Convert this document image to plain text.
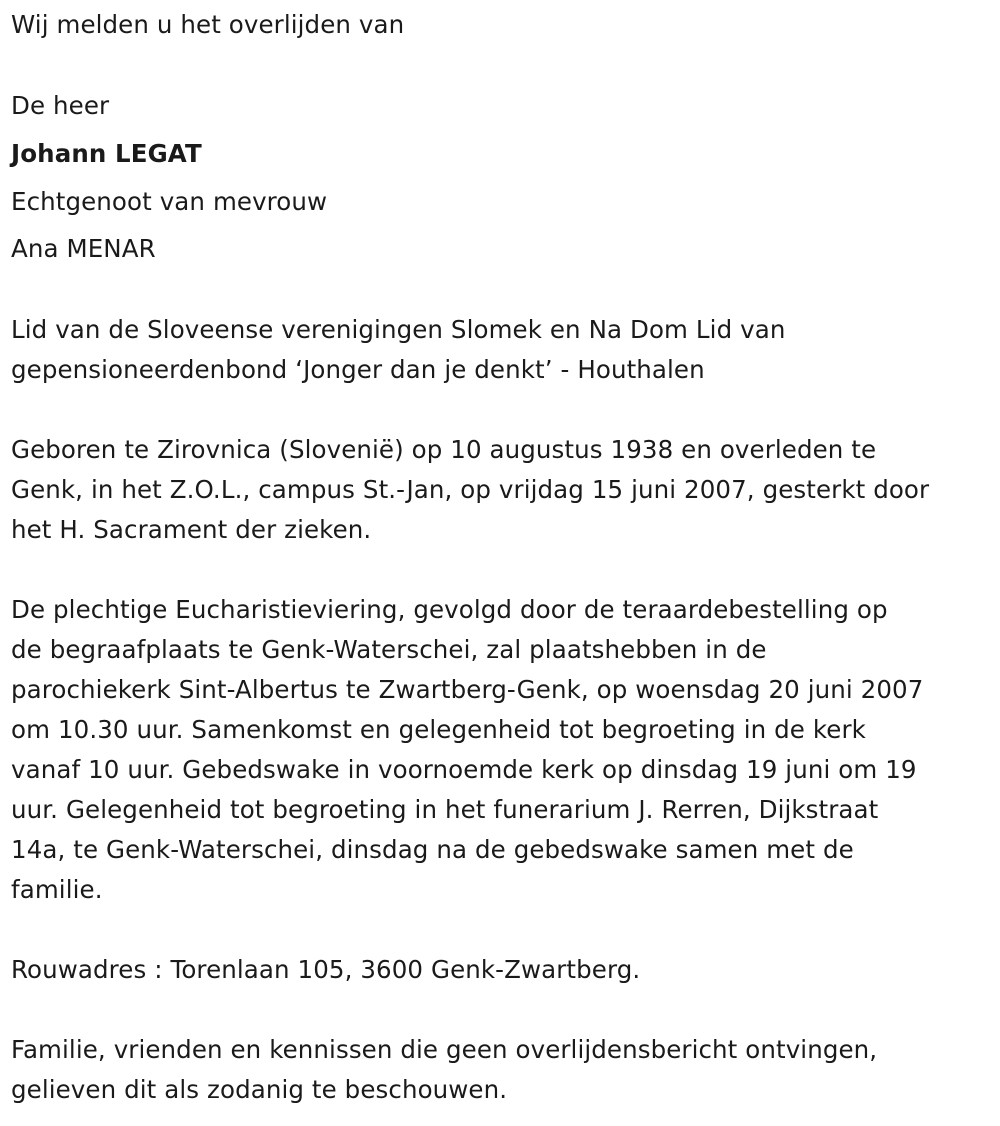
Wij melden u het overlijden van
De heer
Johann LEGAT
Echtgenoot van mevrouw
Ana MENAR
Lid van de Sloveense verenigingen Slomek en Na Dom Lid van
gepensioneerdenbond ‘Jonger dan je denkt’ - Houthalen
Geboren te Zirovnica (Slovenië) op 10 augustus 1938 en overleden te
Genk, in het Z.O.L., campus St.-Jan, op vrijdag 15 juni 2007, gesterkt door
het H. Sacrament der zieken.
De plechtige Eucharistieviering, gevolgd door de teraardebestelling op
de begraafplaats te Genk-Waterschei, zal plaatshebben in de
parochiekerk Sint-Albertus te Zwartberg-Genk, op woensdag 20 juni 2007
om 10.30 uur. Samenkomst en gelegenheid tot begroeting in de kerk
vanaf 10 uur. Gebedswake in voornoemde kerk op dinsdag 19 juni om 19
uur. Gelegenheid tot begroeting in het funerarium J. Rerren, Dijkstraat
14a, te Genk-Waterschei, dinsdag na de gebedswake samen met de
familie.
Rouwadres : Torenlaan 105, 3600 Genk-Zwartberg.
Familie, vrienden en kennissen die geen overlijdensbericht ontvingen,
gelieven dit als zodanig te beschouwen.
